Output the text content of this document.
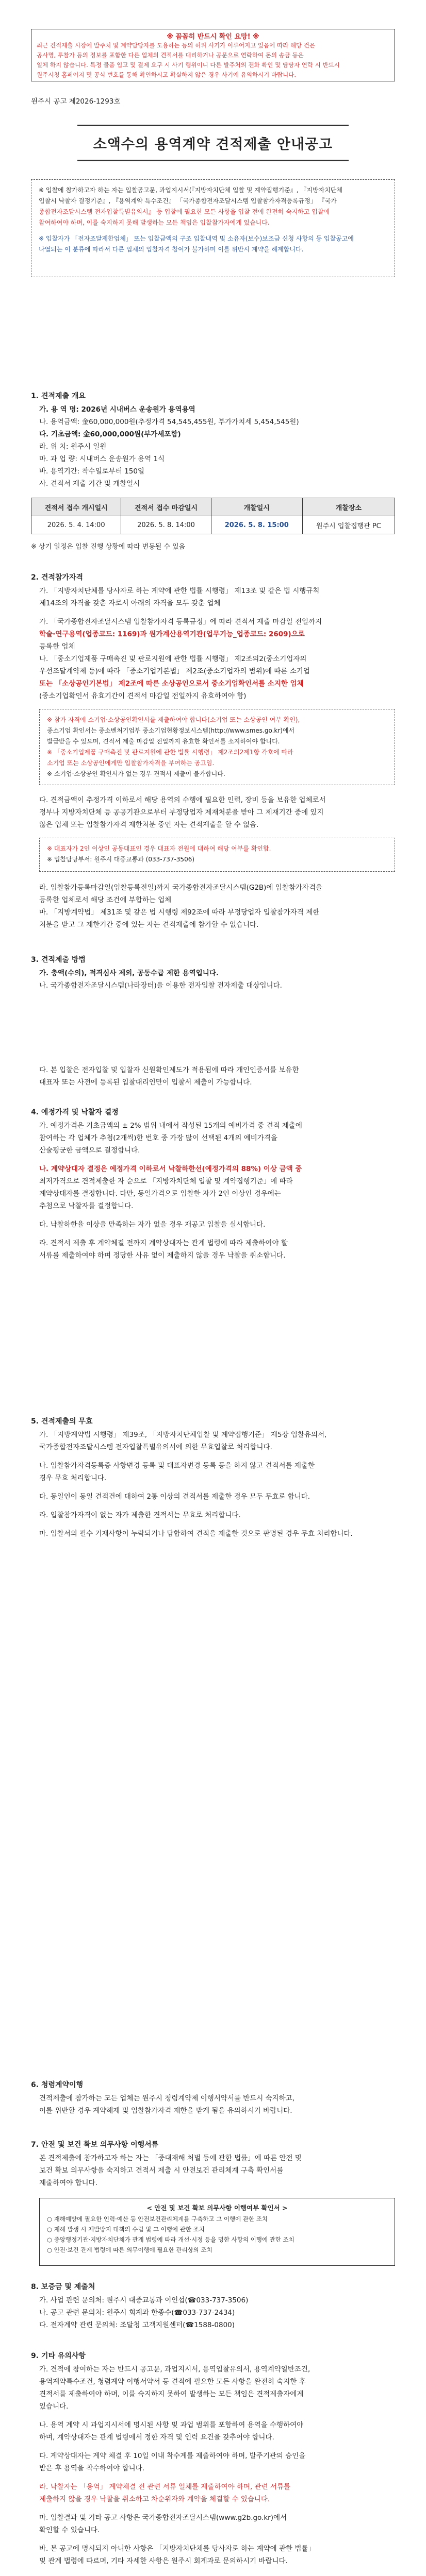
※ 꼼꼼히 반드시 확인 요망! ※
최근 견적제출 시장에 발주처 및 계약담당자를 도용하는 등의 허위 사기가 이루어지고 있음에 따라 해당 건은
공사명, 투찰가 등의 정보를 포함한 다른 업체의 견적서를 대리하거나 공문으로 연락하여 돈의 송금 등은
일체 하지 않습니다. 특정 물품 입고 및 결제 요구 시 사기 행위이니 다른 발주처의 전화 확인 및 담당자 연락 시 반드시
원주시청 홈페이지 및 공식 번호를 통해 확인하시고 확실하지 않은 경우 사기에 유의하시기 바랍니다.
원주시 공고 제2026-1293호
소액수의 용역계약 견적제출 안내공고
※ 입찰에 참가하고자 하는 자는 입찰공고문, 과업지시서(『지방자치단체 입찰 및 계약집행기준』, 『지방자치단체
입찰시 낙찰자 결정기준』, 『용역계약 특수조건』 「국가종합전자조달시스템 입찰참가자격등록규정」 『국가
종합전자조달시스템 전자입찰특별유의서』 등 입찰에 필요한 모든 사항을 입찰 전에 완전히 숙지하고 입찰에
참여하여야 하며, 이를 숙지하지 못해 발생하는 모든 책임은 입찰참가자에게 있습니다.
※ 입찰자가 「전자조달제한업체」 또는 입찰금액의 구조 입찰내역 및 소유자(보수)보조금 신청 사항의 등 입찰공고에
나열되는 이 분류에 따라서 다른 업체의 입찰자격 참여가 불가하며 이를 위반시 계약을 해제합니다.
1. 견적제출 개요
가. 용 역 명: 2026년 시내버스 운송원가 용역용역
나. 용역금액: 金60,000,000원(추정가격 54,545,455원, 부가가치세 5,454,545원)
다. 기초금액: 金60,000,000원(부가세포함)
라. 위 치: 원주시 일원
마. 과 업 량: 시내버스 운송원가 용역 1식
바. 용역기간: 착수일로부터 150일
사. 견적서 제출 기간 및 개찰일시
견적서 접수 개시일시	견적서 접수 마감일시	개찰일시	개찰장소
2026. 5. 4. 14:00	2026. 5. 8. 14:00	2026. 5. 8. 15:00	원주시 입찰집행관 PC
※ 상기 일정은 입찰 진행 상황에 따라 변동될 수 있음
2. 견적참가자격
가. 「지방자치단체를 당사자로 하는 계약에 관한 법률 시행령」 제13조 및 같은 법 시행규칙
제14조의 자격을 갖춘 자로서 아래의 자격을 모두 갖춘 업체
가. 「국가종합전자조달시스템 입찰참가자격 등록규정」에 따라 견적서 제출 마감일 전일까지
학술·연구용역(업종코드: 1169)과 원가계산용역기관(업무기능_업종코드: 2609)으로
등록한 업체
나. 「중소기업제품 구매촉진 및 판로지원에 관한 법률 시행령」 제2조의2(중소기업자의
우선조달계약제 등)에 따라 「중소기업기본법」 제2조(중소기업자의 범위)에 따른 소기업
또는 「소상공인기본법」 제2조에 따른 소상공인으로서 중소기업확인서를 소지한 업체
(중소기업확인서 유효기간이 견적서 마감일 전일까지 유효하여야 함)
※ 참가 자격에 소기업·소상공인확인서를 제출하여야 합니다(소기업 또는 소상공인 여부 확인),
중소기업 확인서는 중소벤처기업부 중소기업현황정보시스템(http://www.smes.go.kr)에서
발급받을 수 있으며, 견적서 제출 마감일 전일까지 유효한 확인서를 소지하여야 합니다.
※ 「중소기업제품 구매촉진 및 판로지원에 관한 법률 시행령」 제2조의2제1항 각호에 따라
소기업 또는 소상공인에게만 입찰참가자격을 부여하는 공고임.
※ 소기업·소상공인 확인서가 없는 경우 견적서 제출이 불가합니다.
다. 견적금액이 추정가격 이하로서 해당 용역의 수행에 필요한 인력, 장비 등을 보유한 업체로서
정부나 지방자치단체 등 공공기관으로부터 부정당업자 제재처분을 받아 그 제재기간 중에 있지
않은 업체 또는 입찰참가자격 제한처분 중인 자는 견적제출을 할 수 없음.
※ 대표자가 2인 이상인 공동대표인 경우 대표자 전원에 대하여 해당 여부를 확인함.
※ 입찰담당부서: 원주시 대중교통과 (033-737-3506)
라. 입찰참가등록마감일(입찰등록전일)까지 국가종합전자조달시스템(G2B)에 입찰참가자격을
등록한 업체로서 해당 조건에 부합하는 업체
마. 「지방계약법」 제31조 및 같은 법 시행령 제92조에 따라 부정당업자 입찰참가자격 제한
처분을 받고 그 제한기간 중에 있는 자는 견적제출에 참가할 수 없습니다.
3. 견적제출 방법
가. 충액(수의), 적격심사 제외, 공동수급 제한 용역입니다.
나. 국가종합전자조달시스템(나라장터)을 이용한 전자입찰 전자제출 대상입니다.
다. 본 입찰은 전자입찰 및 입찰자 신원확인제도가 적용됨에 따라 개인인증서를 보유한
대표자 또는 사전에 등록된 입찰대리인만이 입찰서 제출이 가능합니다.
4. 예정가격 및 낙찰자 결정
가. 예정가격은 기초금액의 ± 2% 범위 내에서 작성된 15개의 예비가격 중 견적 제출에
참여하는 각 업체가 추첨(2개씩)한 번호 중 가장 많이 선택된 4개의 예비가격을
산술평균한 금액으로 결정합니다.
나. 계약상대자 결정은 예정가격 이하로서 낙찰하한선(예정가격의 88%) 이상 금액 중
최저가격으로 견적제출한 자 순으로 「지방자치단체 입찰 및 계약집행기준」에 따라
계약상대자를 결정합니다. 다만, 동일가격으로 입찰한 자가 2인 이상인 경우에는
추첨으로 낙찰자를 결정합니다.
다. 낙찰하한율 이상을 만족하는 자가 없을 경우 재공고 입찰을 실시합니다.
라. 견적서 제출 후 계약체결 전까지 계약상대자는 관계 법령에 따라 제출하여야 할
서류를 제출하여야 하며 정당한 사유 없이 제출하지 않을 경우 낙찰을 취소합니다.
5. 견적제출의 무효
가. 「지방계약법 시행령」 제39조, 「지방자치단체입찰 및 계약집행기준」 제5장 입찰유의서,
국가종합전자조달시스템 전자입찰특별유의서에 의한 무효입찰로 처리합니다.
나. 입찰참가자격등록증 사항변경 등록 및 대표자변경 등록 등을 하지 않고 견적서를 제출한
경우 무효 처리합니다.
다. 동일인이 동일 견적건에 대하여 2통 이상의 견적서를 제출한 경우 모두 무효로 합니다.
라. 입찰참가자격이 없는 자가 제출한 견적서는 무효로 처리합니다.
마. 입찰서의 필수 기재사항이 누락되거나 담합하여 견적을 제출한 것으로 판명된 경우 무효 처리합니다.
6. 청렴계약이행
견적제출에 참가하는 모든 업체는 원주시 청렴계약제 이행서약서를 반드시 숙지하고,
이를 위반할 경우 계약해제 및 입찰참가자격 제한을 받게 됨을 유의하시기 바랍니다.
7. 안전 및 보건 확보 의무사항 이행서류
본 견적제출에 참가하고자 하는 자는 「중대재해 처벌 등에 관한 법률」에 따른 안전 및
보건 확보 의무사항을 숙지하고 견적서 제출 시 안전보건 관리체계 구축 확인서를
제출하여야 합니다.
< 안전 및 보건 확보 의무사항 이행여부 확인서 >
○ 재해예방에 필요한 인력·예산 등 안전보건관리체계를 구축하고 그 이행에 관한 조치
○ 재해 발생 시 재발방지 대책의 수립 및 그 이행에 관한 조치
○ 중앙행정기관·지방자치단체가 관계 법령에 따라 개선·시정 등을 명한 사항의 이행에 관한 조치
○ 안전·보건 관계 법령에 따른 의무이행에 필요한 관리상의 조치
8. 보증금 및 제출처
가. 사업 관련 문의처: 원주시 대중교통과 이인섭(☎033-737-3506)
나. 공고 관련 문의처: 원주시 회계과 한종수(☎033-737-2434)
다. 전자계약 관련 문의처: 조달청 고객지원센터(☎1588-0800)
9. 기타 유의사항
가. 견적에 참여하는 자는 반드시 공고문, 과업지시서, 용역입찰유의서, 용역계약일반조건,
용역계약특수조건, 청렴계약 이행서약서 등 견적에 필요한 모든 사항을 완전히 숙지한 후
견적서를 제출하여야 하며, 이를 숙지하지 못하여 발생하는 모든 책임은 견적제출자에게
있습니다.
나. 용역 계약 시 과업지시서에 명시된 사항 및 과업 범위를 포함하여 용역을 수행하여야
하며, 계약상대자는 관계 법령에서 정한 자격 및 인력 요건을 갖추어야 합니다.
다. 계약상대자는 계약 체결 후 10일 이내 착수계를 제출하여야 하며, 발주기관의 승인을
받은 후 용역을 착수하여야 합니다.
라. 낙찰자는 「용역」 계약체결 전 관련 서류 일체를 제출하여야 하며, 관련 서류를
제출하지 않을 경우 낙찰을 취소하고 차순위자와 계약을 체결할 수 있습니다.
마. 입찰결과 및 기타 공고 사항은 국가종합전자조달시스템(www.g2b.go.kr)에서
확인할 수 있습니다.
바. 본 공고에 명시되지 아니한 사항은 「지방자치단체를 당사자로 하는 계약에 관한 법률」
및 관계 법령에 따르며, 기타 자세한 사항은 원주시 회계과로 문의하시기 바랍니다.
